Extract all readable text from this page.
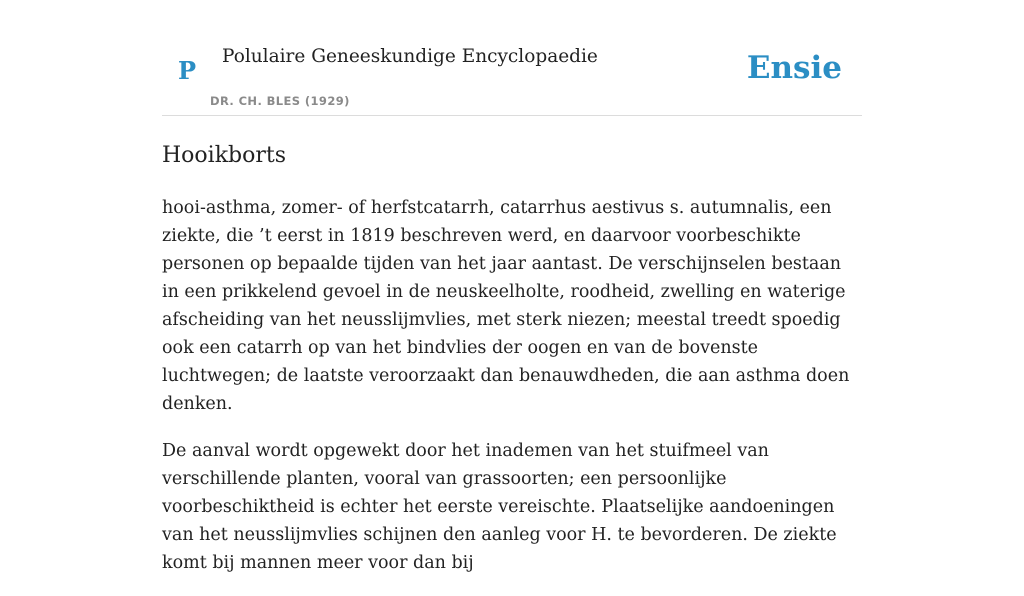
P Polulaire Geneeskundige Encyclopaedie
DR. CH. BLES (1929)
Ensie
Hooikborts

hooi-asthma, zomer- of herfstcatarrh, catarrhus aestivus s. autumnalis, een ziekte, die ’t eerst in 1819 beschreven werd, en daarvoor voorbeschikte personen op bepaalde tijden van het jaar aantast. De verschijnselen bestaan in een prikkelend gevoel in de neuskeelholte, roodheid, zwelling en waterige afscheiding van het neusslijmvlies, met sterk niezen; meestal treedt spoedig ook een catarrh op van het bindvlies der oogen en van de bovenste luchtwegen; de laatste veroorzaakt dan benauwdheden, die aan asthma doen denken.

De aanval wordt opgewekt door het inademen van het stuifmeel van verschillende planten, vooral van grassoorten; een persoonlijke voorbeschiktheid is echter het eerste vereischte. Plaatselijke aandoeningen van het neusslijmvlies schijnen den aanleg voor H. te bevorderen. De ziekte komt bij mannen meer voor dan bij
